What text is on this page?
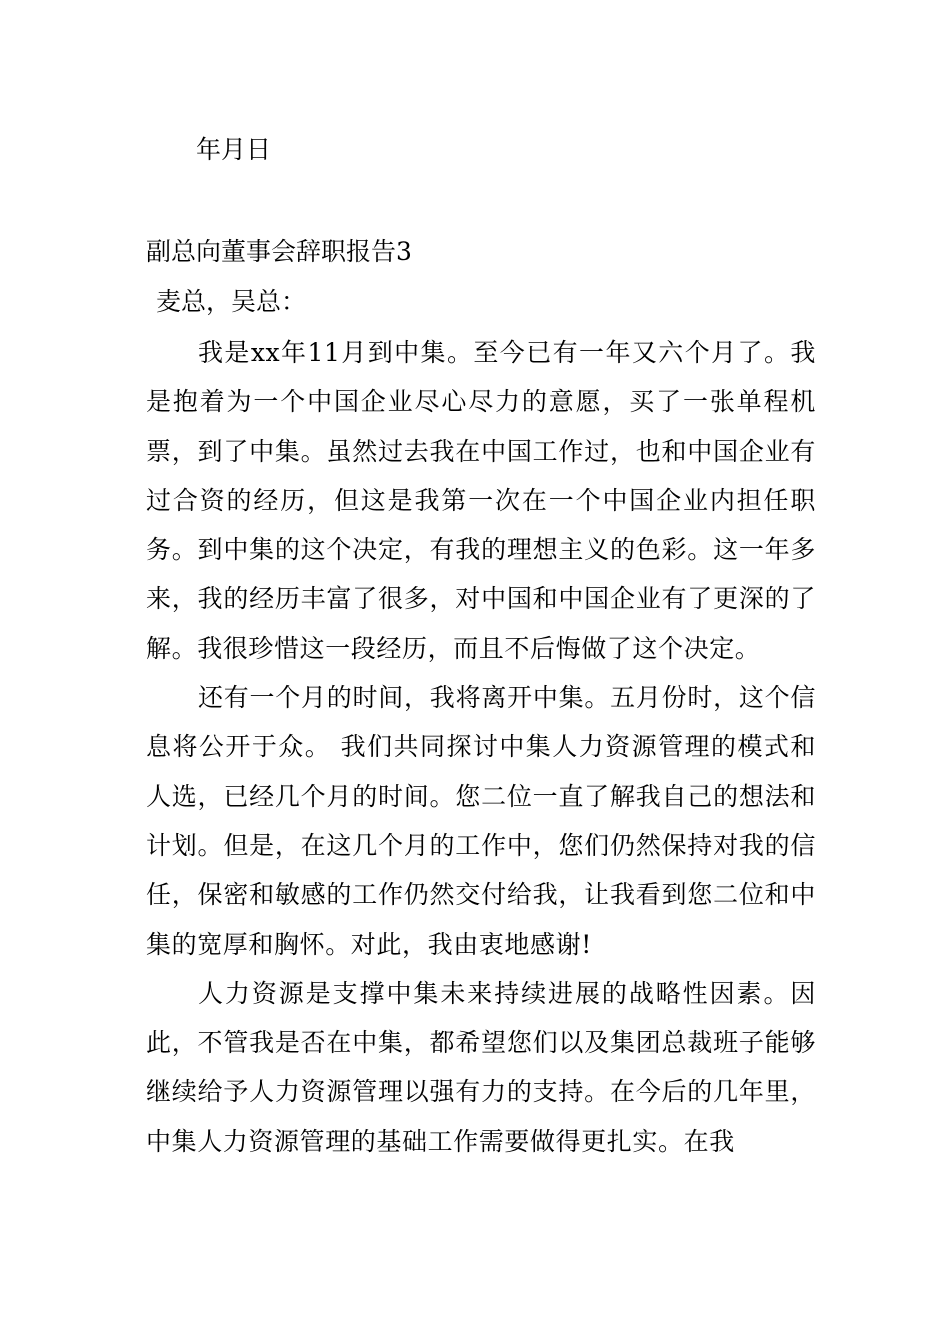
年月日
副总向董事会辞职报告3
麦总，吴总：

我是xx年11月到中集。至今已有一年又六个月了。我是抱着为一个中国企业尽心尽力的意愿，买了一张单程机票，到了中集。虽然过去我在中国工作过，也和中国企业有过合资的经历，但这是我第一次在一个中国企业内担任职务。到中集的这个决定，有我的理想主义的色彩。这一年多来，我的经历丰富了很多，对中国和中国企业有了更深的了解。我很珍惜这一段经历，而且不后悔做了这个决定。

还有一个月的时间，我将离开中集。五月份时，这个信息将公开于众。 我们共同探讨中集人力资源管理的模式和人选，已经几个月的时间。您二位一直了解我自己的想法和计划。但是，在这几个月的工作中，您们仍然保持对我的信任，保密和敏感的工作仍然交付给我，让我看到您二位和中集的宽厚和胸怀。对此，我由衷地感谢!

人力资源是支撑中集未来持续进展的战略性因素。因此，不管我是否在中集，都希望您们以及集团总裁班子能够继续给予人力资源管理以强有力的支持。在今后的几年里，中集人力资源管理的基础工作需要做得更扎实。在我
